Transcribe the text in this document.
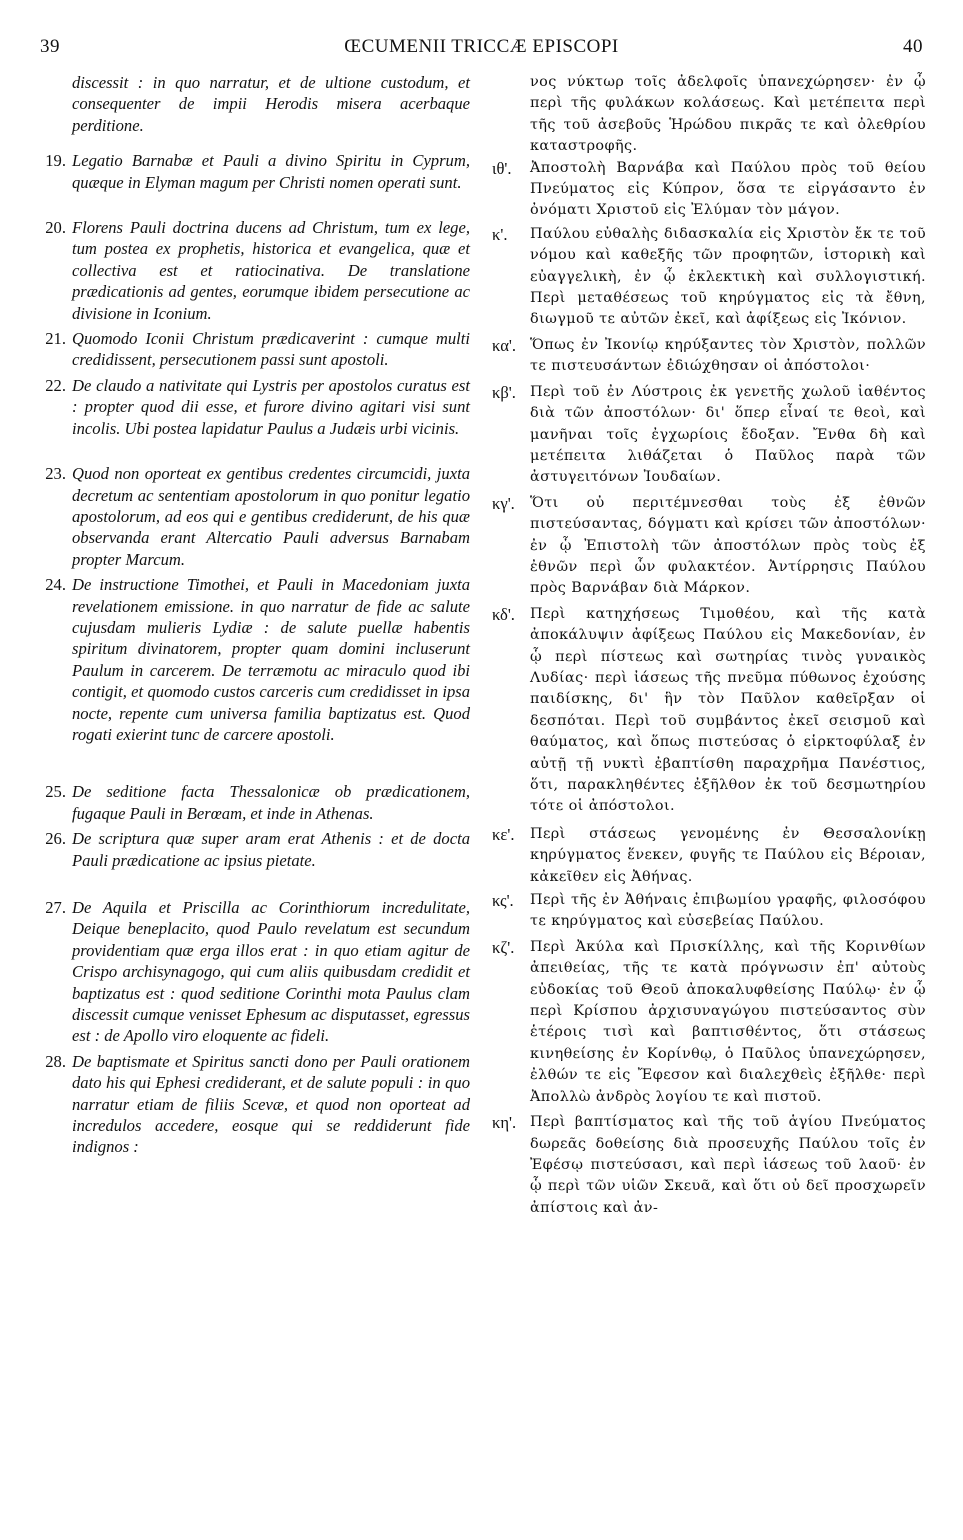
39	ŒCUMENII TRICCÆ EPISCOPI	40
discessit : in quo narratur, et de ultione custodum, et consequenter de impii Herodis misera acerbaque perditione.
19. Legatio Barnabæ et Pauli a divino Spiritu in Cyprum, quæque in Elyman magum per Christi nomen operati sunt.
20. Florens Pauli doctrina ducens ad Christum, tum ex lege, tum postea ex prophetis, historica et evangelica, quæ et collectiva est et ratiocinativa. De translatione prædicationis ad gentes, eorumque ibidem persecutione ac divisione in Iconium.
21. Quomodo Iconii Christum prædicaverint : cumque multi credidissent, persecutionem passi sunt apostoli.
22. De claudo a nativitate qui Lystris per apostolos curatus est : propter quod dii esse, et furore divino agitari visi sunt incolis. Ubi postea lapidatur Paulus a Judæis urbi vicinis.
23. Quod non oporteat ex gentibus credentes circumcidi, juxta decretum ac sententiam apostolorum in quo ponitur legatio apostolorum, ad eos qui e gentibus crediderunt, de his quæ observanda erant Altercatio Pauli adversus Barnabam propter Marcum.
24. De instructione Timothei, et Pauli in Macedoniam juxta revelationem emissione. in quo narratur de fide ac salute cujusdam mulieris Lydiæ : de salute puellæ habentis spiritum divinatorem, propter quam domini incluserunt Paulum in carcerem. De terræmotu ac miraculo quod ibi contigit, et quomodo custos carceris cum credidisset in ipsa nocte, repente cum universa familia baptizatus est. Quod rogati exierint tunc de carcere apostoli.
25. De seditione facta Thessalonicæ ob prædicationem, fugaque Pauli in Berœam, et inde in Athenas.
26. De scriptura quæ super aram erat Athenis : et de docta Pauli prædicatione ac ipsius pietate.
27. De Aquila et Priscilla ac Corinthiorum incredulitate, Deique beneplacito, quod Paulo revelatum est secundum providentiam quæ erga illos erat : in quo etiam agitur de Crispo archisynagogo, qui cum aliis quibusdam credidit et baptizatus est : quod seditione Corinthi mota Paulus clam discessit cumque venisset Ephesum ac disputasset, egressus est : de Apollo viro eloquente ac fideli.
28. De baptismate et Spiritus sancti dono per Pauli orationem dato his qui Ephesi crediderant, et de salute populi : in quo narratur etiam de filiis Scevæ, et quod non oporteat ad incredulos accedere, eosque qui se reddiderunt fide indignos :
νος νύκτωρ τοῖς ἀδελφοῖς ὑπανεχώρησεν· ἐν ᾧ περὶ τῆς φυλάκων κολάσεως. Καὶ μετέπειτα περὶ τῆς τοῦ ἀσεβοῦς Ἡρώδου πικρᾶς τε καὶ ὀλεθρίου καταστροφῆς.
ιθ'. Ἀποστολὴ Βαρνάβα καὶ Παύλου πρὸς τοῦ θείου Πνεύματος εἰς Κύπρον, ὅσα τε εἰργάσαντο ἐν ὀνόματι Χριστοῦ εἰς Ἐλύμαν τὸν μάγον.
κ'. Παύλου εὐθαλὴς διδασκαλία εἰς Χριστὸν ἔκ τε τοῦ νόμου καὶ καθεξῆς τῶν προφητῶν, ἱστορικὴ καὶ εὐαγγελικὴ, ἐν ᾧ ἐκλεκτικὴ καὶ συλλογιστική. Περὶ μεταθέσεως τοῦ κηρύγματος εἰς τὰ ἔθνη, διωγμοῦ τε αὐτῶν ἐκεῖ, καὶ ἀφίξεως εἰς Ἰκόνιον.
κα'. Ὅπως ἐν Ἰκονίῳ κηρύξαντες τὸν Χριστὸν, πολλῶν τε πιστευσάντων ἐδιώχθησαν οἱ ἀπόστολοι·
κβ'. Περὶ τοῦ ἐν Λύστροις ἐκ γενετῆς χωλοῦ ἰαθέντος διὰ τῶν ἀποστόλων· δι' ὅπερ εἶναί τε θεοὶ, καὶ μανῆναι τοῖς ἐγχωρίοις ἔδοξαν. Ἔνθα δὴ καὶ μετέπειτα λιθάζεται ὁ Παῦλος παρὰ τῶν ἀστυγειτόνων Ἰουδαίων.
κγ'. Ὅτι οὐ περιτέμνεσθαι τοὺς ἐξ ἐθνῶν πιστεύσαντας, δόγματι καὶ κρίσει τῶν ἀποστόλων· ἐν ᾧ Ἐπιστολὴ τῶν ἀποστόλων πρὸς τοὺς ἐξ ἐθνῶν περὶ ὧν φυλακτέον. Ἀντίρρησις Παύλου πρὸς Βαρνάβαν διὰ Μάρκον.
κδ'. Περὶ κατηχήσεως Τιμοθέου, καὶ τῆς κατὰ ἀποκάλυψιν ἀφίξεως Παύλου εἰς Μακεδονίαν, ἐν ᾧ περὶ πίστεως καὶ σωτηρίας τινὸς γυναικὸς Λυδίας· περὶ ἰάσεως τῆς πνεῦμα πύθωνος ἐχούσης παιδίσκης, δι' ἣν τὸν Παῦλον καθεῖρξαν οἱ δεσπόται. Περὶ τοῦ συμβάντος ἐκεῖ σεισμοῦ καὶ θαύματος, καὶ ὅπως πιστεύσας ὁ εἱρκτοφύλαξ ἐν αὐτῇ τῇ νυκτὶ ἐβαπτίσθη παραχρῆμα Πανέστιος, ὅτι, παρακληθέντες ἐξῆλθον ἐκ τοῦ δεσμωτηρίου τότε οἱ ἀπόστολοι.
κε'. Περὶ στάσεως γενομένης ἐν Θεσσαλονίκῃ κηρύγματος ἕνεκεν, φυγῆς τε Παύλου εἰς Βέροιαν, κἀκεῖθεν εἰς Ἀθήνας.
κς'. Περὶ τῆς ἐν Ἀθήναις ἐπιβωμίου γραφῆς, φιλοσόφου τε κηρύγματος καὶ εὐσεβείας Παύλου.
κζ'. Περὶ Ἀκύλα καὶ Πρισκίλλης, καὶ τῆς Κορινθίων ἀπειθείας, τῆς τε κατὰ πρόγνωσιν ἐπ' αὐτοὺς εὐδοκίας τοῦ Θεοῦ ἀποκαλυφθείσης Παύλῳ· ἐν ᾧ περὶ Κρίσπου ἀρχισυναγώγου πιστεύσαντος σὺν ἑτέροις τισὶ καὶ βαπτισθέντος, ὅτι στάσεως κινηθείσης ἐν Κορίνθῳ, ὁ Παῦλος ὑπανεχώρησεν, ἐλθών τε εἰς Ἔφεσον καὶ διαλεχθεὶς ἐξῆλθε· περὶ Ἀπολλὼ ἀνδρὸς λογίου τε καὶ πιστοῦ.
κη'. Περὶ βαπτίσματος καὶ τῆς τοῦ ἁγίου Πνεύματος δωρεᾶς δοθείσης διὰ προσευχῆς Παύλου τοῖς ἐν Ἐφέσῳ πιστεύσασι, καὶ περὶ ἰάσεως τοῦ λαοῦ· ἐν ᾧ περὶ τῶν υἱῶν Σκευᾶ, καὶ ὅτι οὐ δεῖ προσχωρεῖν ἀπίστοις καὶ ἀν-
